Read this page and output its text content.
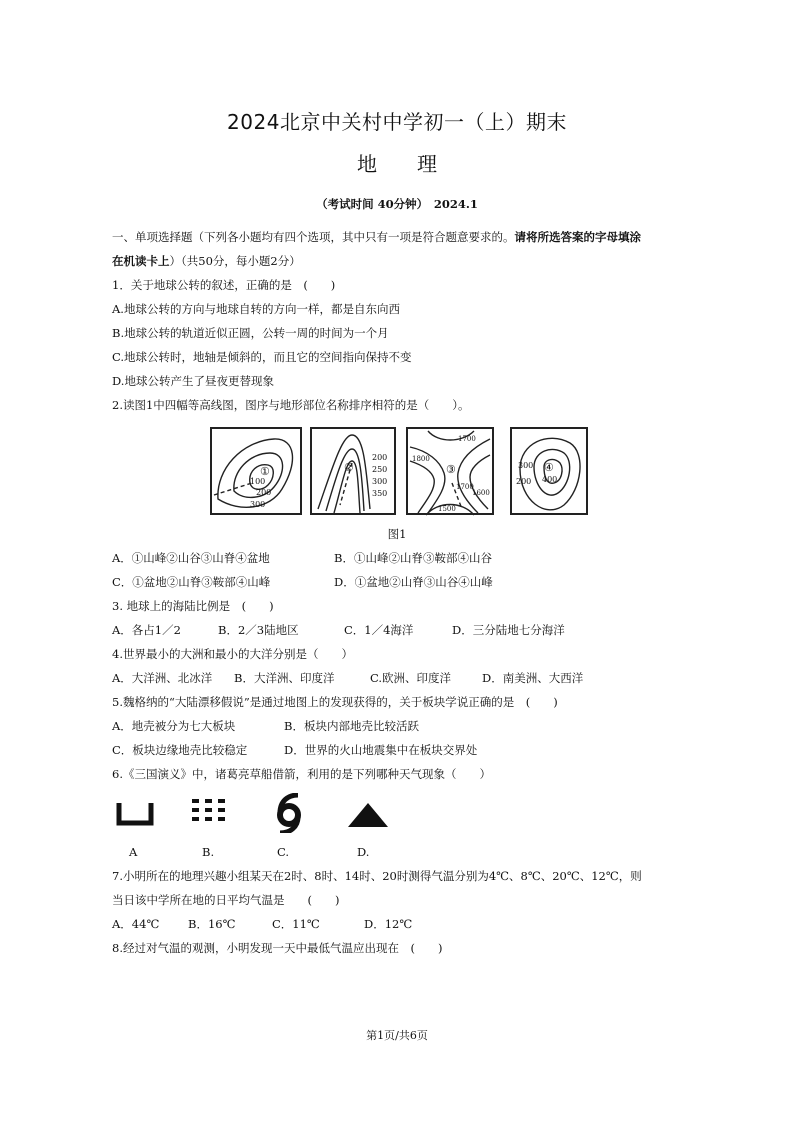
2024北京中关村中学初一（上）期末
地理
（考试时间 40分钟）　2024.1
一、单项选择题（下列各小题均有四个选项，其中只有一项是符合题意要求的。请将所选答案的字母填涂
在机读卡上）（共50分，每小题2分）
1．关于地球公转的叙述，正确的是　(　　)
A.地球公转的方向与地球自转的方向一样，都是自东向西
B.地球公转的轨道近似正圆，公转一周的时间为一个月
C.地球公转时，地轴是倾斜的，而且它的空间指向保持不变
D.地球公转产生了昼夜更替现象
2.读图1中四幅等高线图，图序与地形部位名称排序相符的是（　　）。
①
100
200
300
②
200
250
300
350
③
1700
1800
1600
1500
1700
④
300
400
200
图1
A．①山峰②山谷③山脊④盆地	B．①山峰②山脊③鞍部④山谷
C．①盆地②山脊③鞍部④山峰	D．①盆地②山脊③山谷④山峰
3. 地球上的海陆比例是　(　　)
A．各占1／2	B．2／3陆地区	C．1／4海洋	D．三分陆地七分海洋
4.世界最小的大洲和最小的大洋分别是（　　）
A．大洋洲、北冰洋 B．大洋洲、印度洋	C.欧洲、印度洋	D．南美洲、大西洋
5.魏格纳的“大陆漂移假说”是通过地图上的发现获得的，关于板块学说正确的是　(　　)
A．地壳被分为七大板块	B．板块内部地壳比较活跃
C．板块边缘地壳比较稳定	D．世界的火山地震集中在板块交界处
6.《三国演义》中，诸葛亮草船借箭，利用的是下列哪种天气现象（　　）
A	B.	C.	D.
7.小明所在的地理兴趣小组某天在2时、8时、14时、20时测得气温分别为4℃、8℃、20℃、12℃，则
当日该中学所在地的日平均气温是　　(　　)
A．44℃ B．16℃	C．11℃	D．12℃
8.经过对气温的观测，小明发现一天中最低气温应出现在　(　　)
第1页/共6页
